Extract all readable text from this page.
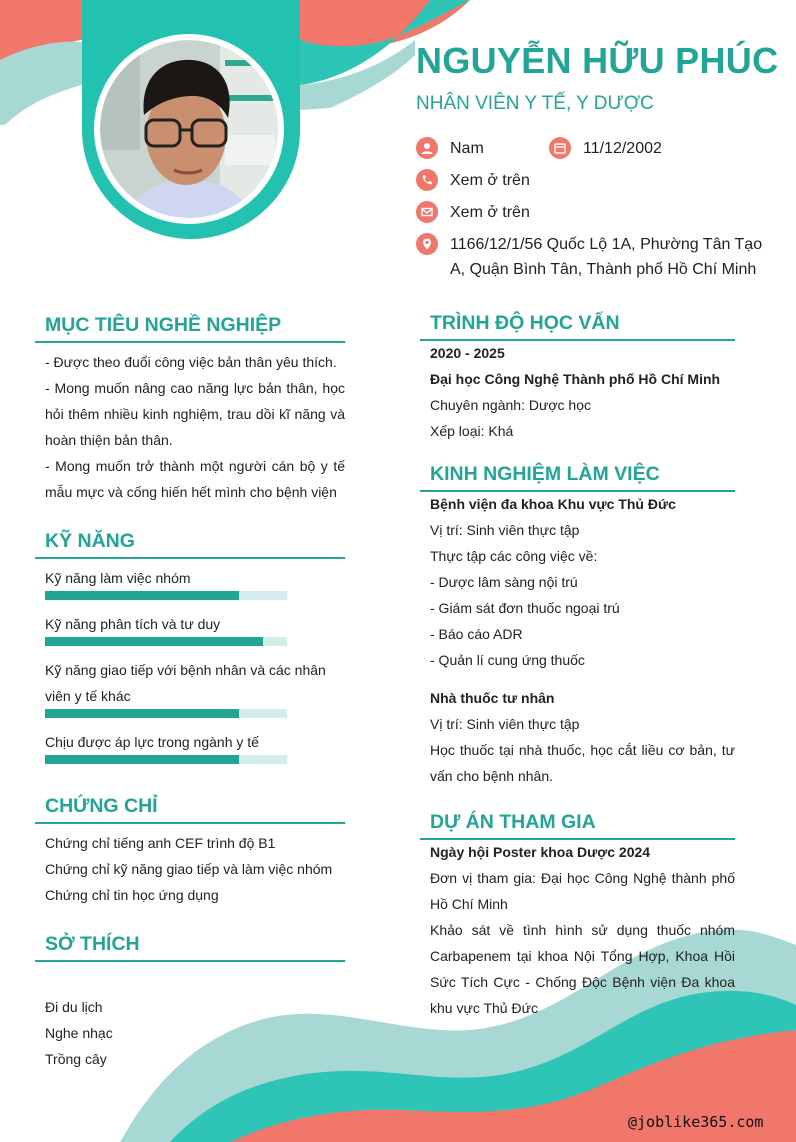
NGUYỄN HỮU PHÚC
NHÂN VIÊN Y TẾ, Y DƯỢC
Nam	11/12/2002
Xem ở trên
Xem ở trên
1166/12/1/56 Quốc Lộ 1A, Phường Tân Tạo
A, Quận Bình Tân, Thành phố Hồ Chí Minh
MỤC TIÊU NGHỀ NGHIỆP
- Được theo đuổi công việc bản thân yêu thích.
- Mong muốn nâng cao năng lực bản thân, học hỏi thêm nhiều kinh nghiệm, trau dồi kĩ năng và hoàn thiện bản thân.
- Mong muốn trở thành một người cán bộ y tế mẫu mực và cống hiến hết mình cho bệnh viện
KỸ NĂNG
Kỹ năng làm việc nhóm
Kỹ năng phân tích và tư duy
Kỹ năng giao tiếp với bệnh nhân và các nhân viên y tế khác
Chịu được áp lực trong ngành y tế
CHỨNG CHỈ
Chứng chỉ tiếng anh CEF trình độ B1
Chứng chỉ kỹ năng giao tiếp và làm việc nhóm
Chứng chỉ tin học ứng dụng
SỞ THÍCH
Đi du lịch
Nghe nhạc
Trồng cây
TRÌNH ĐỘ HỌC VẤN
2020 - 2025
Đại học Công Nghệ Thành phố Hồ Chí Minh
Chuyên ngành: Dược học
Xếp loại: Khá
KINH NGHIỆM LÀM VIỆC
Bệnh viện đa khoa Khu vực Thủ Đức
Vị trí: Sinh viên thực tập
Thực tập các công việc về:
- Dược lâm sàng nội trú
- Giám sát đơn thuốc ngoại trú
- Báo cáo ADR
- Quản lí cung ứng thuốc
Nhà thuốc tư nhân
Vị trí: Sinh viên thực tập
Học thuốc tại nhà thuốc, học cắt liều cơ bản, tư vấn cho bệnh nhân.
DỰ ÁN THAM GIA
Ngày hội Poster khoa Dược 2024
Đơn vị tham gia: Đại học Công Nghệ thành phố Hồ Chí Minh
Khảo sát về tình hình sử dụng thuốc nhóm Carbapenem tại khoa Nội Tổng Hợp, Khoa Hồi Sức Tích Cực - Chống Độc Bệnh viện Đa khoa khu vực Thủ Đức
@joblike365.com
